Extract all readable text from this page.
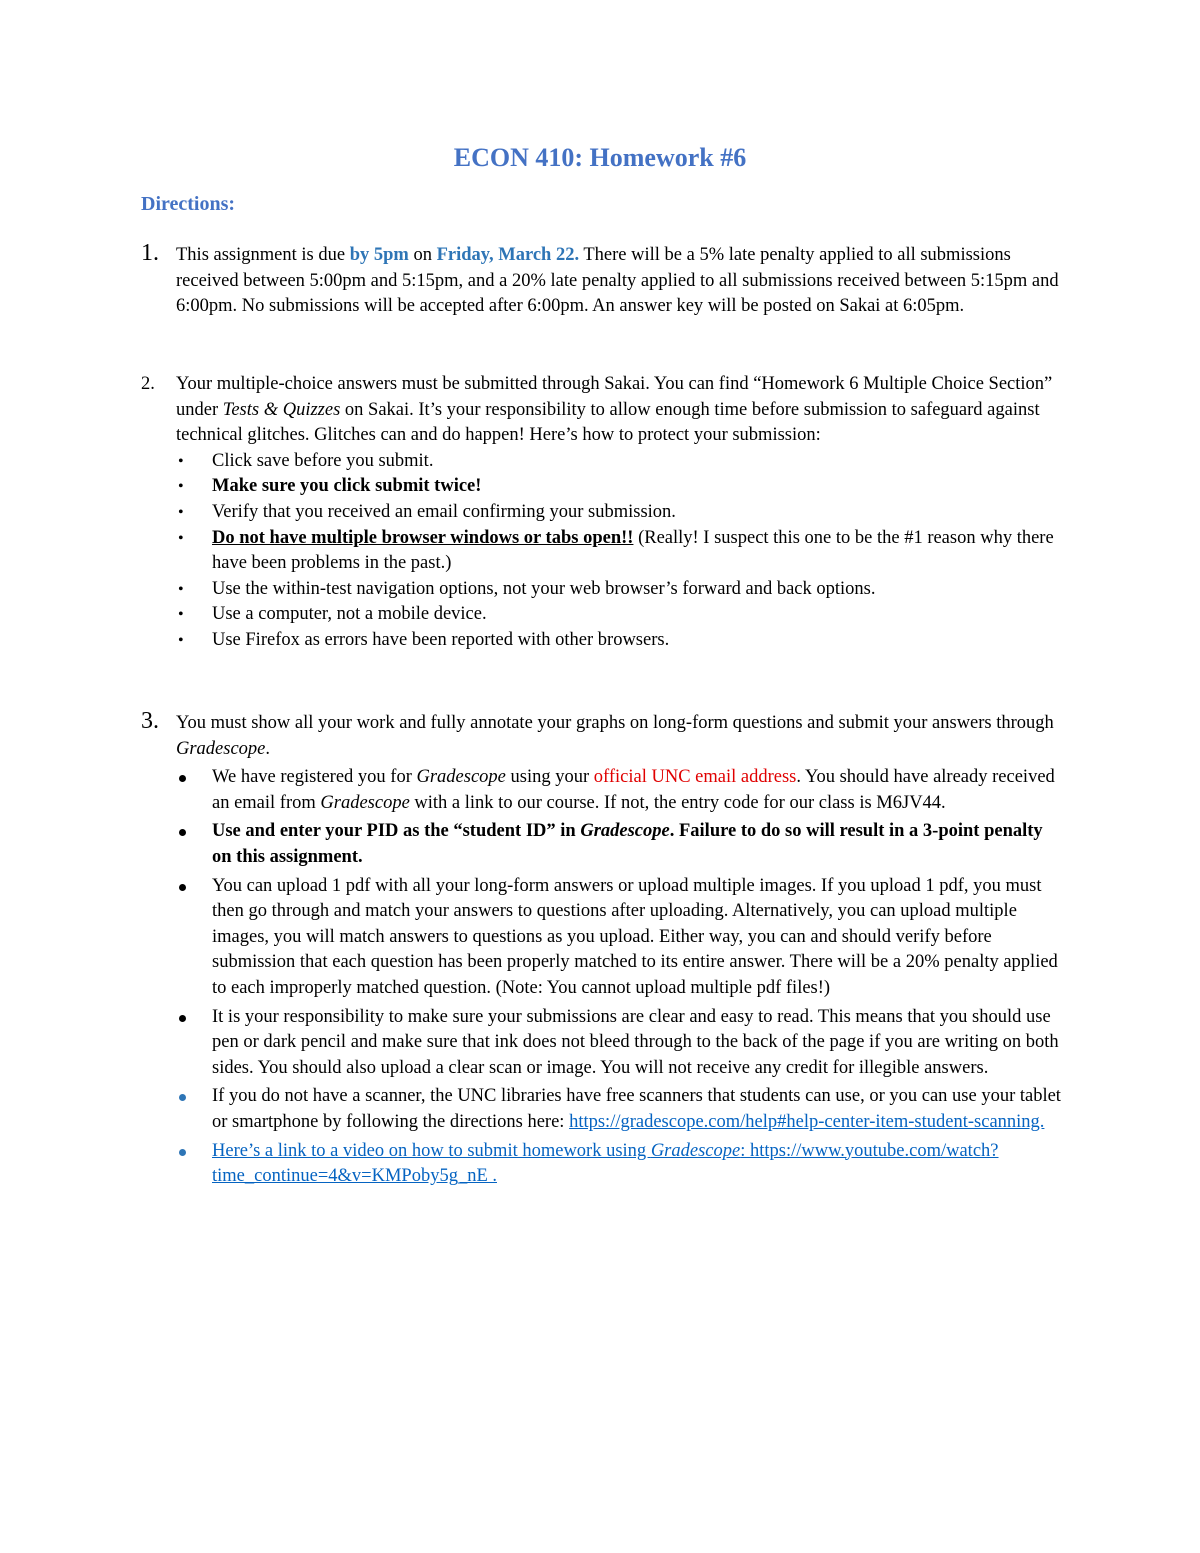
ECON 410: Homework #6
Directions:
1. This assignment is due by 5pm on Friday, March 22. There will be a 5% late penalty applied to all submissions received between 5:00pm and 5:15pm, and a 20% late penalty applied to all submissions received between 5:15pm and 6:00pm. No submissions will be accepted after 6:00pm. An answer key will be posted on Sakai at 6:05pm.
2. Your multiple-choice answers must be submitted through Sakai. You can find “Homework 6 Multiple Choice Section” under Tests & Quizzes on Sakai. It’s your responsibility to allow enough time before submission to safeguard against technical glitches. Glitches can and do happen! Here’s how to protect your submission:
• Click save before you submit.
• Make sure you click submit twice!
• Verify that you received an email confirming your submission.
• Do not have multiple browser windows or tabs open!! (Really! I suspect this one to be the #1 reason why there have been problems in the past.)
• Use the within-test navigation options, not your web browser’s forward and back options.
• Use a computer, not a mobile device.
• Use Firefox as errors have been reported with other browsers.
3. You must show all your work and fully annotate your graphs on long-form questions and submit your answers through Gradescope.
We have registered you for Gradescope using your official UNC email address. You should have already received an email from Gradescope with a link to our course. If not, the entry code for our class is M6JV44.
Use and enter your PID as the “student ID” in Gradescope. Failure to do so will result in a 3-point penalty on this assignment.
You can upload 1 pdf with all your long-form answers or upload multiple images. If you upload 1 pdf, you must then go through and match your answers to questions after uploading. Alternatively, you can upload multiple images, you will match answers to questions as you upload. Either way, you can and should verify before submission that each question has been properly matched to its entire answer. There will be a 20% penalty applied to each improperly matched question. (Note: You cannot upload multiple pdf files!)
It is your responsibility to make sure your submissions are clear and easy to read. This means that you should use pen or dark pencil and make sure that ink does not bleed through to the back of the page if you are writing on both sides. You should also upload a clear scan or image. You will not receive any credit for illegible answers.
If you do not have a scanner, the UNC libraries have free scanners that students can use, or you can use your tablet or smartphone by following the directions here: https://gradescope.com/help#help-center-item-student-scanning.
Here’s a link to a video on how to submit homework using Gradescope: https://www.youtube.com/watch?time_continue=4&v=KMPoby5g_nE .
